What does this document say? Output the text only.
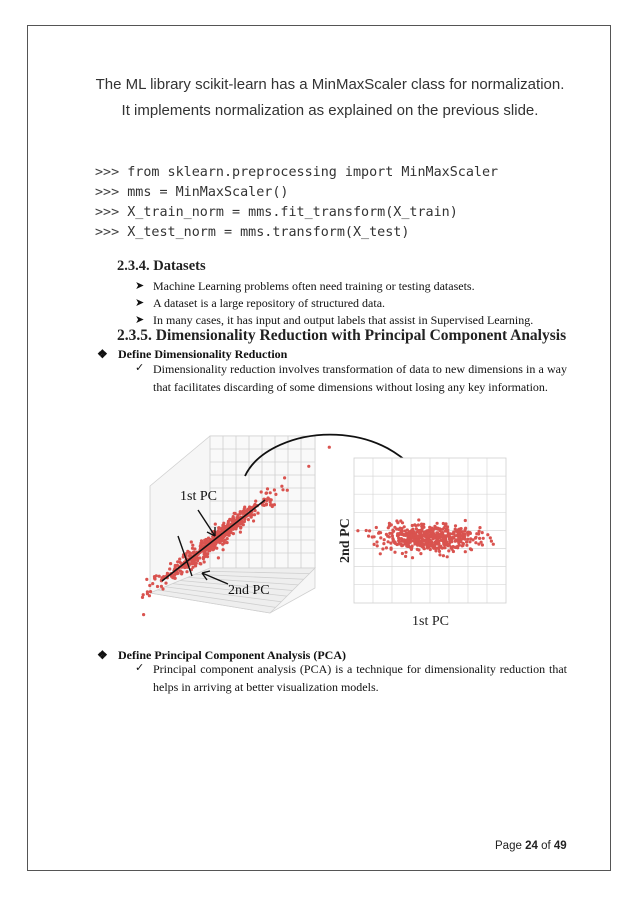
The ML library scikit-learn has a MinMaxScaler class for normalization.
It implements normalization as explained on the previous slide.
>>> from sklearn.preprocessing import MinMaxScaler
>>> mms = MinMaxScaler()
>>> X_train_norm = mms.fit_transform(X_train)
>>> X_test_norm = mms.transform(X_test)
2.3.4. Datasets
➤ Machine Learning problems often need training or testing datasets.
➤ A dataset is a large repository of structured data.
➤ In many cases, it has input and output labels that assist in Supervised Learning.
2.3.5. Dimensionality Reduction with Principal Component Analysis
❖ Define Dimensionality Reduction
✓ Dimensionality reduction involves transformation of data to new dimensions in a way that facilitates discarding of some dimensions without losing any key information.
1st PC
2nd PC
2nd PC
1st PC
❖ Define Principal Component Analysis (PCA)
✓ Principal component analysis (PCA) is a technique for dimensionality reduction that helps in arriving at better visualization models.
Page 24 of 49
